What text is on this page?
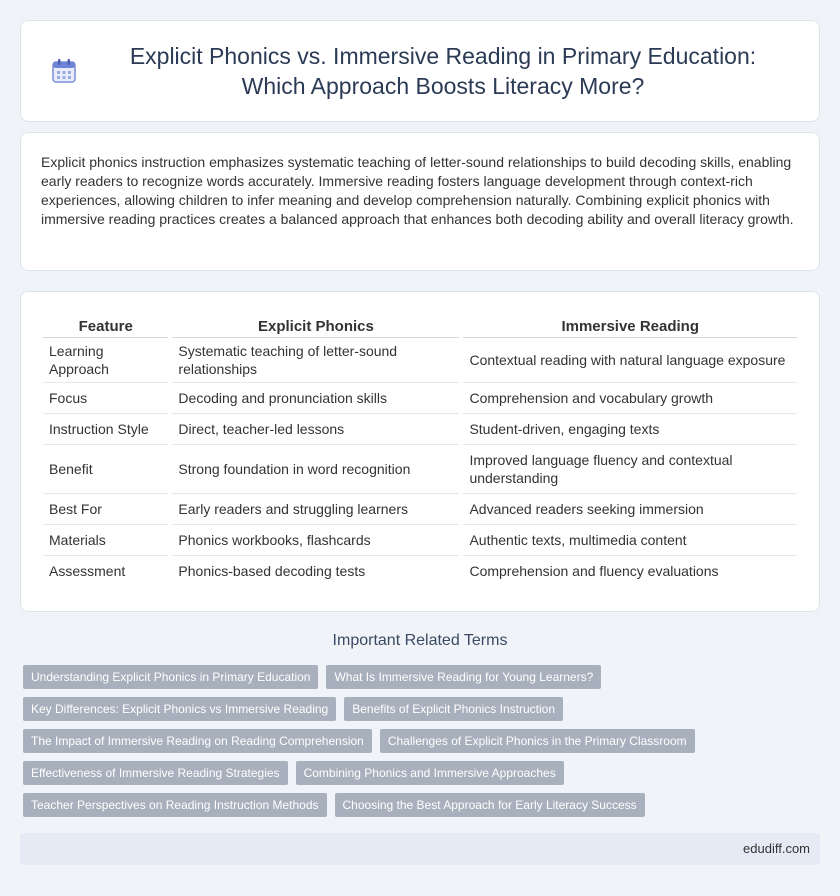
Explicit Phonics vs. Immersive Reading in Primary Education: Which Approach Boosts Literacy More?

Explicit phonics instruction emphasizes systematic teaching of letter-sound relationships to build decoding skills, enabling early readers to recognize words accurately. Immersive reading fosters language development through context-rich experiences, allowing children to infer meaning and develop comprehension naturally. Combining explicit phonics with immersive reading practices creates a balanced approach that enhances both decoding ability and overall literacy growth.

Feature	Explicit Phonics	Immersive Reading
Learning Approach	Systematic teaching of letter-sound relationships	Contextual reading with natural language exposure
Focus	Decoding and pronunciation skills	Comprehension and vocabulary growth
Instruction Style	Direct, teacher-led lessons	Student-driven, engaging texts
Benefit	Strong foundation in word recognition	Improved language fluency and contextual understanding
Best For	Early readers and struggling learners	Advanced readers seeking immersion
Materials	Phonics workbooks, flashcards	Authentic texts, multimedia content
Assessment	Phonics-based decoding tests	Comprehension and fluency evaluations
Important Related Terms
Understanding Explicit Phonics in Primary Education	What Is Immersive Reading for Young Learners?
Key Differences: Explicit Phonics vs Immersive Reading	Benefits of Explicit Phonics Instruction
The Impact of Immersive Reading on Reading Comprehension	Challenges of Explicit Phonics in the Primary Classroom
Effectiveness of Immersive Reading Strategies	Combining Phonics and Immersive Approaches
Teacher Perspectives on Reading Instruction Methods	Choosing the Best Approach for Early Literacy Success
edudiff.com
